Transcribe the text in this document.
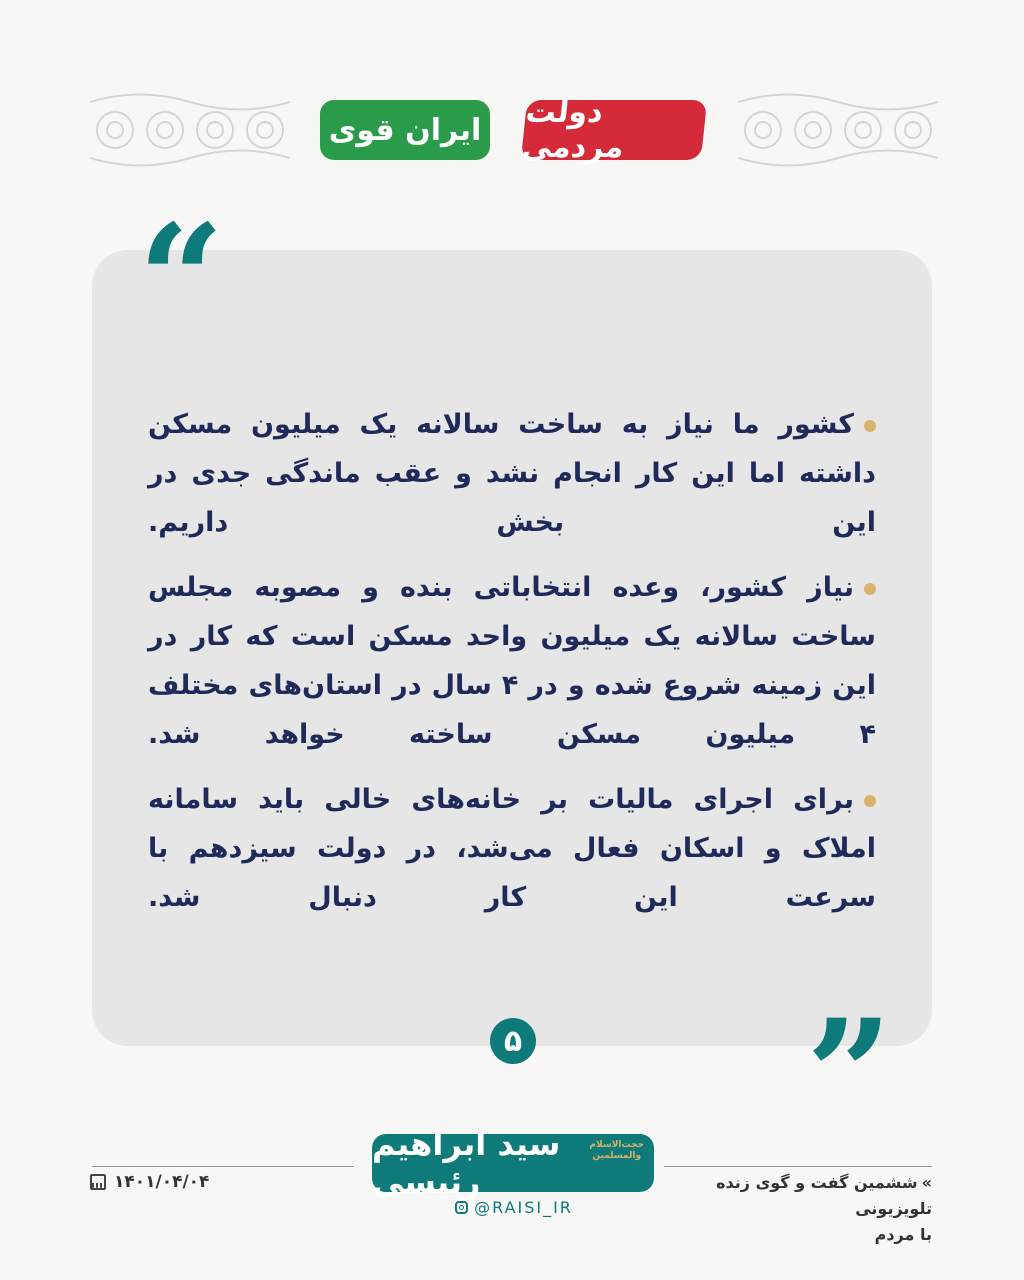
ایران قوی دولت مردمی
“
”

کشور ما نیاز به ساخت سالانه یک میلیون مسکن داشته اما این کار انجام نشد و عقب ماندگی جدی در این بخش داریم.

نیاز کشور، وعده انتخاباتی بنده و مصوبه مجلس ساخت سالانه یک میلیون واحد مسکن است که کار در این زمینه شروع شده و در ۴ سال در استان‌های مختلف ۴ میلیون مسکن ساخته خواهد شد.

برای اجرای مالیات بر خانه‌های خالی باید سامانه املاک و اسکان فعال می‌شد، در دولت سیزدهم با سرعت این کار دنبال شد.

۵
۱۴۰۱/۰۴/۰۴
سید ابراهیم رئیسی
حجت‌الاسلام
والمسلمین
@RAISI_IR
»ششمین گفت و گوی زنده تلویزیونی
با مردم
